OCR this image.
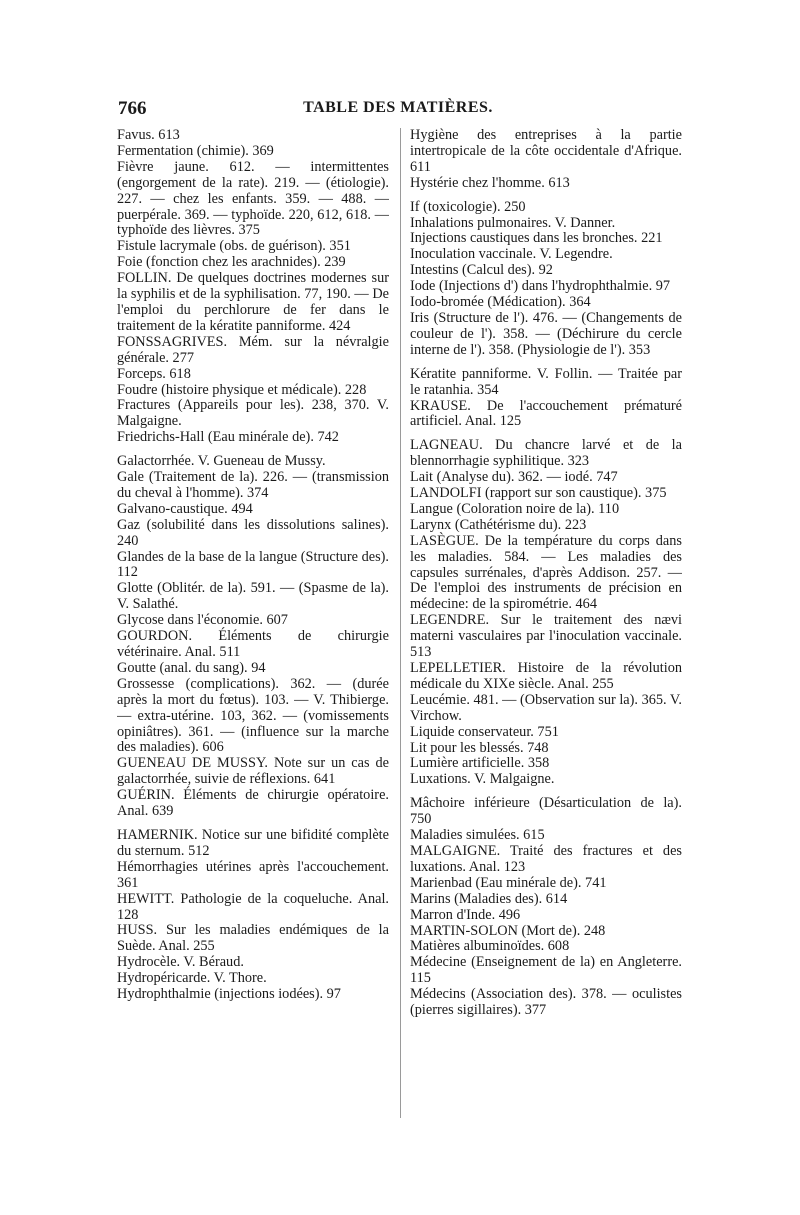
766	TABLE DES MATIÈRES.

Favus. 613

Fermentation (chimie). 369

Fièvre jaune. 612. — intermittentes (engorgement de la rate). 219. — (étiologie). 227. — chez les enfants. 359. — 488. — puerpérale. 369. — typhoïde. 220, 612, 618. — typhoïde des lièvres. 375

Fistule lacrymale (obs. de guérison). 351

Foie (fonction chez les arachnides). 239

FOLLIN. De quelques doctrines modernes sur la syphilis et de la syphilisation. 77, 190. — De l'emploi du perchlorure de fer dans le traitement de la kératite panniforme. 424

FONSSAGRIVES. Mém. sur la névralgie générale. 277

Forceps. 618

Foudre (histoire physique et médicale). 228

Fractures (Appareils pour les). 238, 370. V. Malgaigne.

Friedrichs-Hall (Eau minérale de). 742

Galactorrhée. V. Gueneau de Mussy.

Gale (Traitement de la). 226. — (transmission du cheval à l'homme). 374

Galvano-caustique. 494

Gaz (solubilité dans les dissolutions salines). 240

Glandes de la base de la langue (Structure des). 112

Glotte (Oblitér. de la). 591. — (Spasme de la). V. Salathé.

Glycose dans l'économie. 607

GOURDON. Éléments de chirurgie vétérinaire. Anal. 511

Goutte (anal. du sang). 94

Grossesse (complications). 362. — (durée après la mort du fœtus). 103. — V. Thibierge. — extra-utérine. 103, 362. — (vomissements opiniâtres). 361. — (influence sur la marche des maladies). 606

GUENEAU DE MUSSY. Note sur un cas de galactorrhée, suivie de réflexions. 641

GUÉRIN. Éléments de chirurgie opératoire. Anal. 639

HAMERNIK. Notice sur une bifidité complète du sternum. 512

Hémorrhagies utérines après l'accouchement. 361

HEWITT. Pathologie de la coqueluche. Anal. 128

HUSS. Sur les maladies endémiques de la Suède. Anal. 255

Hydrocèle. V. Béraud.

Hydropéricarde. V. Thore.

Hydrophthalmie (injections iodées). 97

Hygiène des entreprises à la partie intertropicale de la côte occidentale d'Afrique. 611

Hystérie chez l'homme. 613

If (toxicologie). 250

Inhalations pulmonaires. V. Danner.

Injections caustiques dans les bronches. 221

Inoculation vaccinale. V. Legendre.

Intestins (Calcul des). 92

Iode (Injections d') dans l'hydrophthalmie. 97

Iodo-bromée (Médication). 364

Iris (Structure de l'). 476. — (Changements de couleur de l'). 358. — (Déchirure du cercle interne de l'). 358. (Physiologie de l'). 353

Kératite panniforme. V. Follin. — Traitée par le ratanhia. 354

KRAUSE. De l'accouchement prématuré artificiel. Anal. 125

LAGNEAU. Du chancre larvé et de la blennorrhagie syphilitique. 323

Lait (Analyse du). 362. — iodé. 747

LANDOLFI (rapport sur son caustique). 375

Langue (Coloration noire de la). 110

Larynx (Cathétérisme du). 223

LASÈGUE. De la température du corps dans les maladies. 584. — Les maladies des capsules surrénales, d'après Addison. 257. — De l'emploi des instruments de précision en médecine: de la spirométrie. 464

LEGENDRE. Sur le traitement des nævi materni vasculaires par l'inoculation vaccinale. 513

LEPELLETIER. Histoire de la révolution médicale du XIXe siècle. Anal. 255

Leucémie. 481. — (Observation sur la). 365. V. Virchow.

Liquide conservateur. 751

Lit pour les blessés. 748

Lumière artificielle. 358

Luxations. V. Malgaigne.

Mâchoire inférieure (Désarticulation de la). 750

Maladies simulées. 615

MALGAIGNE. Traité des fractures et des luxations. Anal. 123

Marienbad (Eau minérale de). 741

Marins (Maladies des). 614

Marron d'Inde. 496

MARTIN-SOLON (Mort de). 248

Matières albuminoïdes. 608

Médecine (Enseignement de la) en Angleterre. 115

Médecins (Association des). 378. — oculistes (pierres sigillaires). 377
